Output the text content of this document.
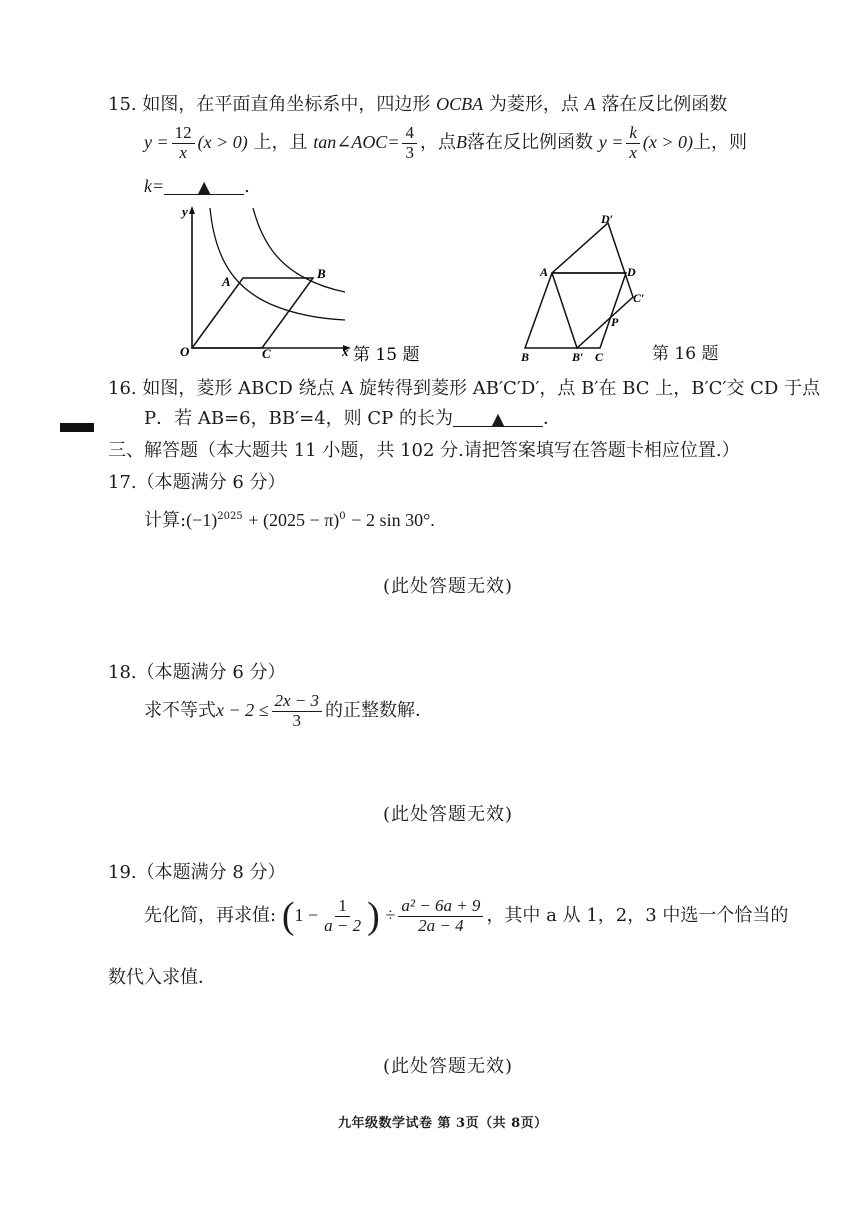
15. 如图，在平面直角坐标系中，四边形 OCBA 为菱形，点 A 落在反比例函数
$y = \frac{12}{x} (x > 0)$ 上，且 tan∠AOC= $\frac{4}{3}$ ，点B落在反比例函数 $y = \frac{k}{x} (x > 0)$上，则
k= ▲ .
y
x
O
A
B
C	第 15 题
A
B	B′ C
C′
D
D′
P
第 16 题
16. 如图，菱形 ABCD 绕点 A 旋转得到菱形 AB′C′D′，点 B′在 BC 上，B′C′交 CD 于点
P．若 AB=6，BB′=4，则 CP 的长为 ▲ ．
三、解答题（本大题共 11 小题，共 102 分.请把答案填写在答题卡相应位置.）
17.（本题满分 6 分）
计算$:(-1)^{2025} + (2025 - \pi)^0 - 2$ sin 30°.
(此处答题无效)
18.（本题满分 6 分）
求不等式$x - 2 \le \frac{2x - 3}{3}$ 的正整数解．
(此处答题无效)
19.（本题满分 8 分）
先化简，再求值: ($1 - \frac{1}{a - 2}$ ) ÷ $\frac{\text{a² − 6a + 9}}{2a - 4}$ ，其中 a 从 1，2，3 中选一个恰当的
数代入求值．
(此处答题无效)
九年级数学试卷 第 3页（共 8页）
